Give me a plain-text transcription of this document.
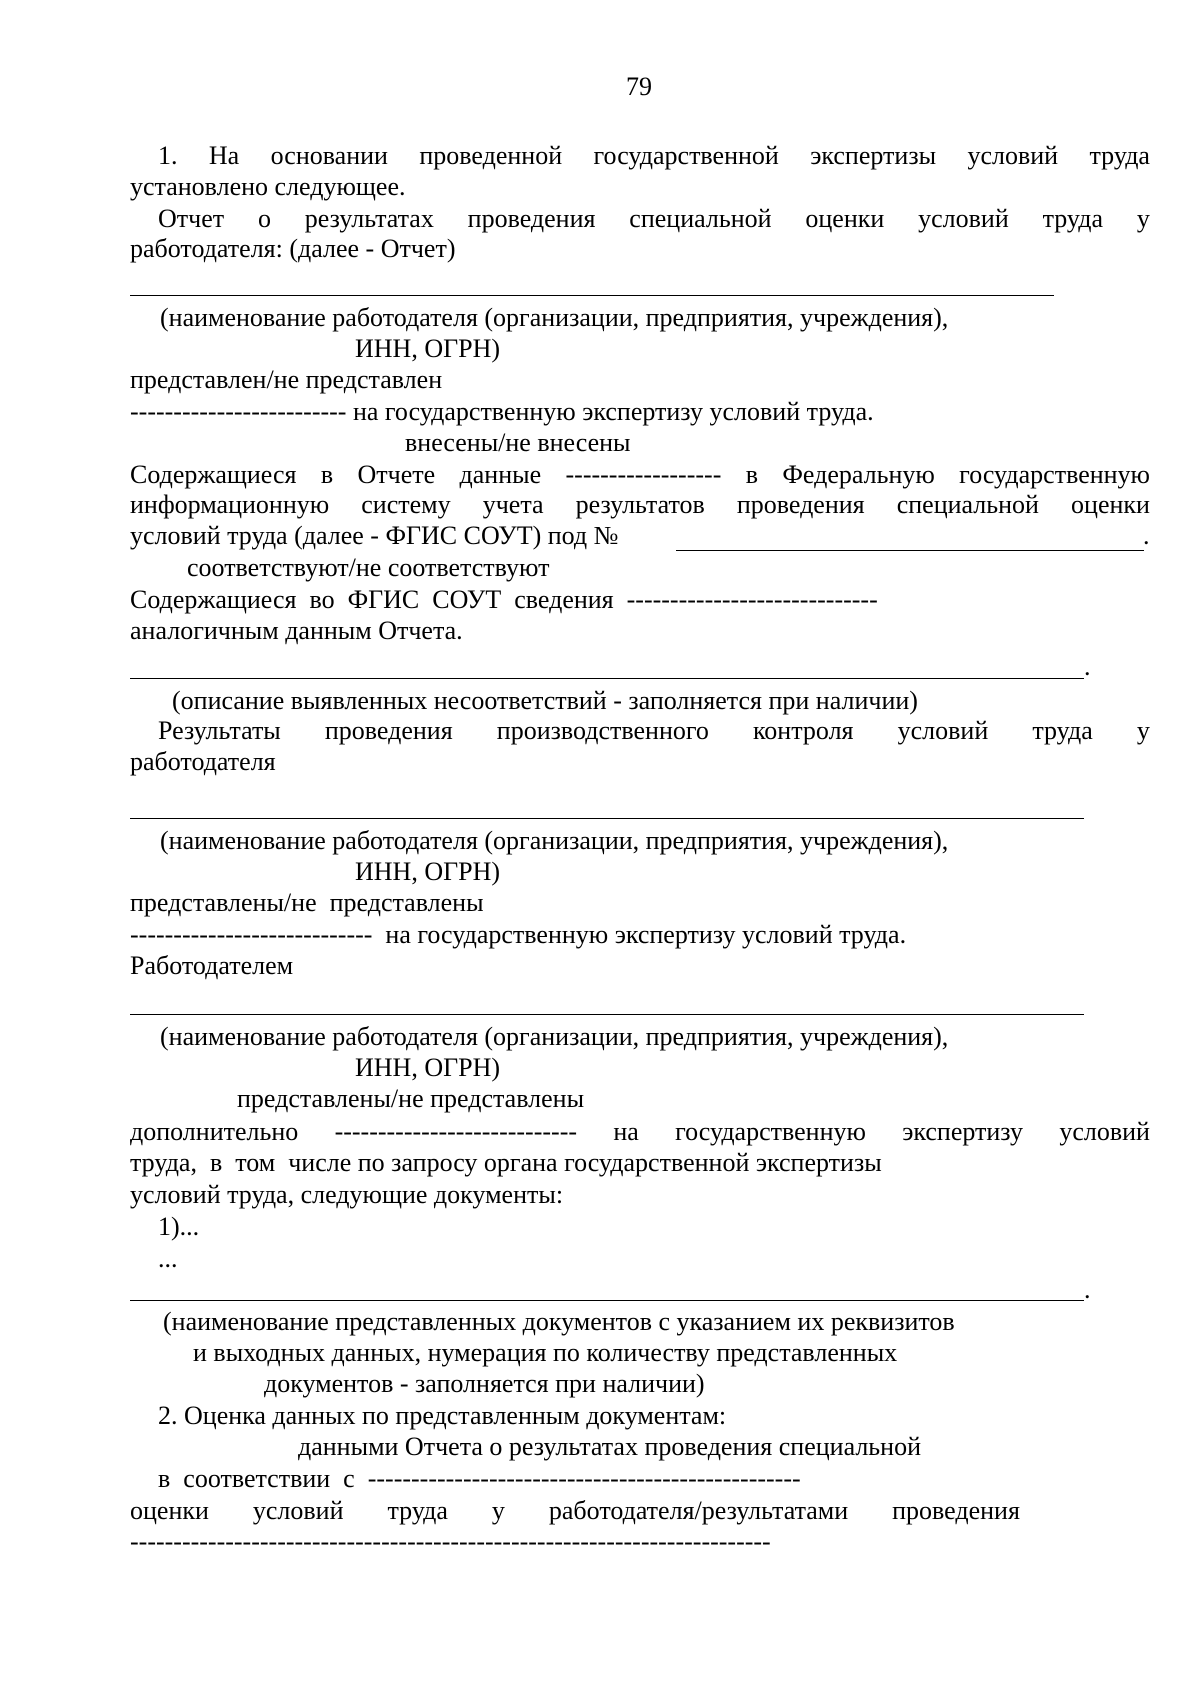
79
1. На основании проведенной государственной экспертизы условий труда
установлено следующее.
Отчет о результатах проведения специальной оценки условий труда у
работодателя: (далее - Отчет)
(наименование работодателя (организации, предприятия, учреждения),
ИНН, ОГРН)
представлен/не представлен
------------------------- на государственную экспертизу условий труда.
внесены/не внесены
Содержащиеся в Отчете данные ------------------ в Федеральную государственную
информационную систему учета результатов проведения специальной оценки
условий труда (далее - ФГИС СОУТ) под №	.
соответствуют/не соответствуют
Содержащиеся  во  ФГИС  СОУТ  сведения  -----------------------------
аналогичным данным Отчета.
.
(описание выявленных несоответствий - заполняется при наличии)
Результаты проведения производственного контроля условий труда у
работодателя
(наименование работодателя (организации, предприятия, учреждения),
ИНН, ОГРН)
представлены/не  представлены
----------------------------  на государственную экспертизу условий труда.
Работодателем
(наименование работодателя (организации, предприятия, учреждения),
ИНН, ОГРН)
представлены/не представлены
дополнительно ---------------------------- на государственную экспертизу условий
труда,  в  том  числе по запросу органа государственной экспертизы
условий труда, следующие документы:
1)...
...
.
(наименование представленных документов с указанием их реквизитов
и выходных данных, нумерация по количеству представленных
документов - заполняется при наличии)
2. Оценка данных по представленным документам:
данными Отчета о результатах проведения специальной
в  соответствии  с  --------------------------------------------------
оценки условий труда у работодателя/результатами проведения
--------------------------------------------------------------------------
